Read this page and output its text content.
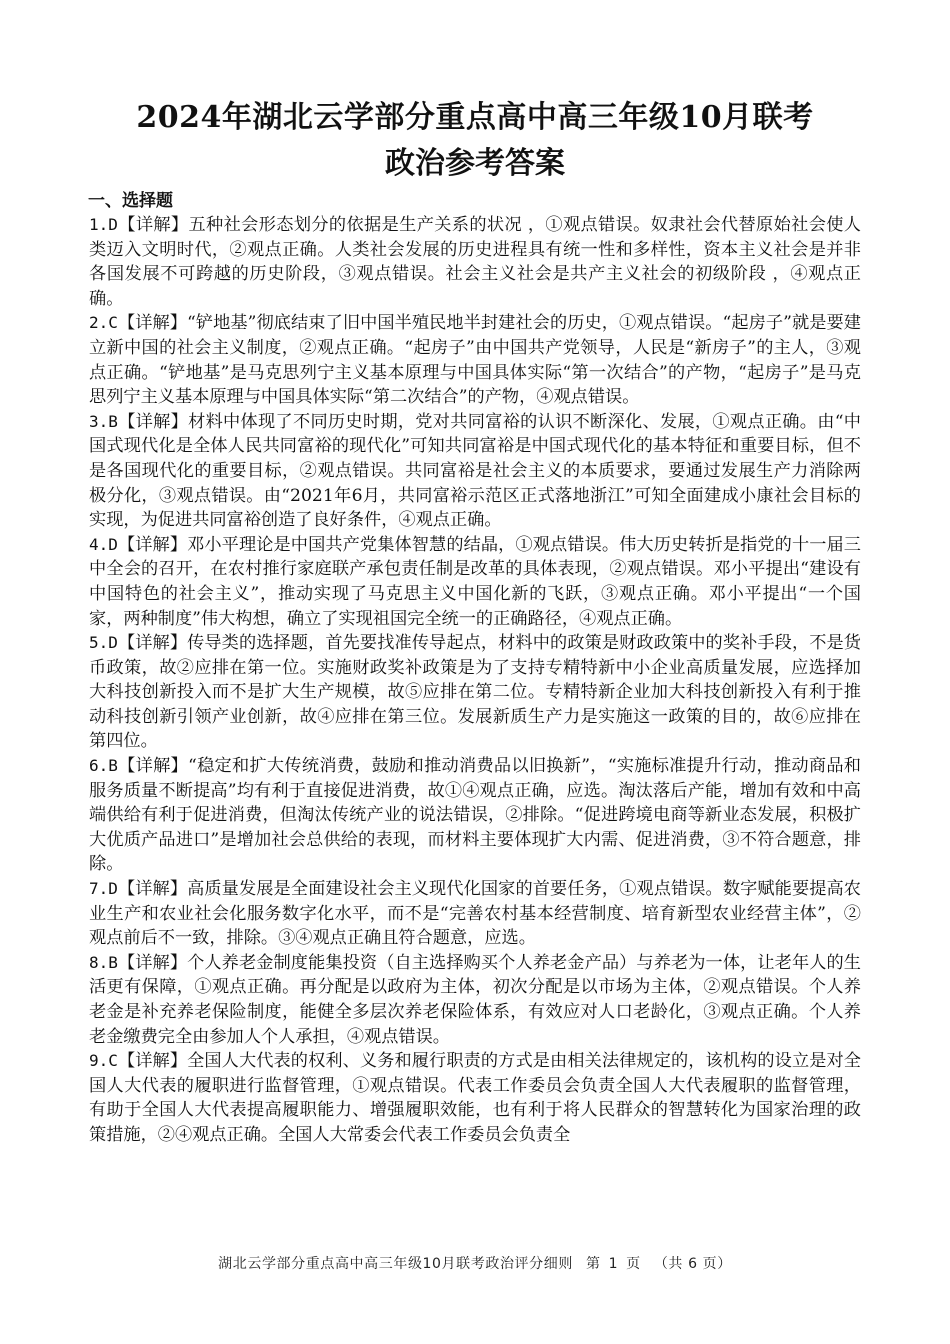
2024年湖北云学部分重点高中高三年级10月联考
政治参考答案
一、选择题

1.D【详解】五种社会形态划分的依据是生产关系的状况 ，①观点错误。奴隶社会代替原始社会使人类迈入文明时代，②观点正确。人类社会发展的历史进程具有统一性和多样性，资本主义社会是并非各国发展不可跨越的历史阶段，③观点错误。社会主义社会是共产主义社会的初级阶段 ，④观点正确。

2.C【详解】“铲地基”彻底结束了旧中国半殖民地半封建社会的历史，①观点错误。“起房子”就是要建立新中国的社会主义制度，②观点正确。“起房子”由中国共产党领导，人民是“新房子”的主人，③观点正确。“铲地基”是马克思列宁主义基本原理与中国具体实际“第一次结合”的产物，“起房子”是马克思列宁主义基本原理与中国具体实际“第二次结合”的产物，④观点错误。

3.B【详解】材料中体现了不同历史时期，党对共同富裕的认识不断深化、发展，①观点正确。由“中国式现代化是全体人民共同富裕的现代化”可知共同富裕是中国式现代化的基本特征和重要目标，但不是各国现代化的重要目标，②观点错误。共同富裕是社会主义的本质要求，要通过发展生产力消除两极分化，③观点错误。由“2021年6月，共同富裕示范区正式落地浙江”可知全面建成小康社会目标的实现，为促进共同富裕创造了良好条件，④观点正确。

4.D【详解】邓小平理论是中国共产党集体智慧的结晶，①观点错误。伟大历史转折是指党的十一届三中全会的召开，在农村推行家庭联产承包责任制是改革的具体表现，②观点错误。邓小平提出“建设有中国特色的社会主义”，推动实现了马克思主义中国化新的飞跃，③观点正确。邓小平提出“一个国家，两种制度”伟大构想，确立了实现祖国完全统一的正确路径，④观点正确。

5.D【详解】传导类的选择题，首先要找准传导起点，材料中的政策是财政政策中的奖补手段，不是货币政策，故②应排在第一位。实施财政奖补政策是为了支持专精特新中小企业高质量发展，应选择加大科技创新投入而不是扩大生产规模，故⑤应排在第二位。专精特新企业加大科技创新投入有利于推动科技创新引领产业创新，故④应排在第三位。发展新质生产力是实施这一政策的目的，故⑥应排在第四位。

6.B【详解】“稳定和扩大传统消费，鼓励和推动消费品以旧换新”，“实施标准提升行动，推动商品和服务质量不断提高”均有利于直接促进消费，故①④观点正确，应选。淘汰落后产能，增加有效和中高端供给有利于促进消费，但淘汰传统产业的说法错误，②排除。“促进跨境电商等新业态发展，积极扩大优质产品进口”是增加社会总供给的表现，而材料主要体现扩大内需、促进消费，③不符合题意，排除。

7.D【详解】高质量发展是全面建设社会主义现代化国家的首要任务，①观点错误。数字赋能要提高农业生产和农业社会化服务数字化水平，而不是“完善农村基本经营制度、培育新型农业经营主体”，②观点前后不一致，排除。③④观点正确且符合题意，应选。

8.B【详解】个人养老金制度能集投资（自主选择购买个人养老金产品）与养老为一体，让老年人的生活更有保障，①观点正确。再分配是以政府为主体，初次分配是以市场为主体，②观点错误。个人养老金是补充养老保险制度，能健全多层次养老保险体系，有效应对人口老龄化，③观点正确。个人养老金缴费完全由参加人个人承担，④观点错误。

9.C【详解】全国人大代表的权利、义务和履行职责的方式是由相关法律规定的，该机构的设立是对全国人大代表的履职进行监督管理，①观点错误。代表工作委员会负责全国人大代表履职的监督管理，有助于全国人大代表提高履职能力、增强履职效能，也有利于将人民群众的智慧转化为国家治理的政策措施，②④观点正确。全国人大常委会代表工作委员会负责全

湖北云学部分重点高中高三年级10月联考政治评分细则 第 1 页 （共 6 页）
